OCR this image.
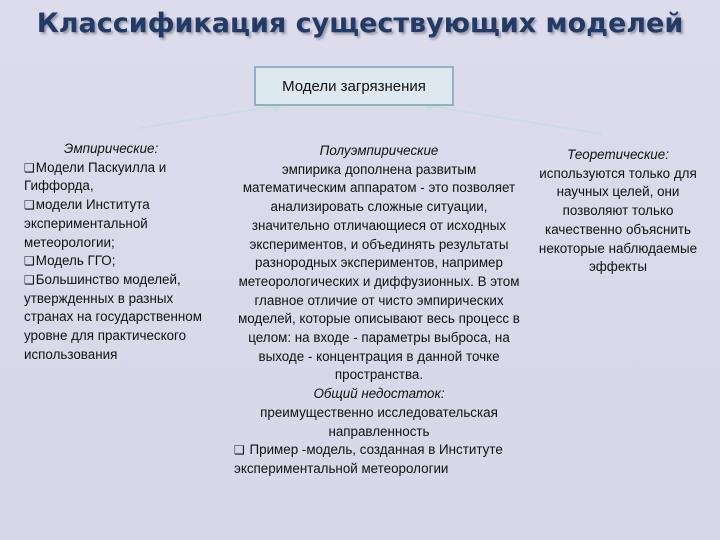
Классификация существующих моделей
Модели загрязнения
Эмпирические:
❑Модели Паскуилла и Гиффорда,
❑модели Института экспериментальной метеорологии;
❑Модель ГГО;
❑Большинство моделей, утвержденных в разных странах на государственном уровне для практического использования
Полуэмпирические
эмпирика дополнена развитым математическим аппаратом - это позволяет анализировать сложные ситуации, значительно отличающиеся от исходных экспериментов, и объединять результаты разнородных экспериментов, например метеорологических и диффузионных. В этом главное отличие от чисто эмпирических моделей, которые описывают весь процесс в целом: на входе - параметры выброса, на выходе - концентрация в данной точке пространства.
Общий недостаток:
преимущественно исследовательская направленность
❑ Пример -модель, созданная в Институте экспериментальной метеорологии
Теоретические:
используются только для научных целей, они позволяют только качественно объяснить некоторые наблюдаемые эффекты
